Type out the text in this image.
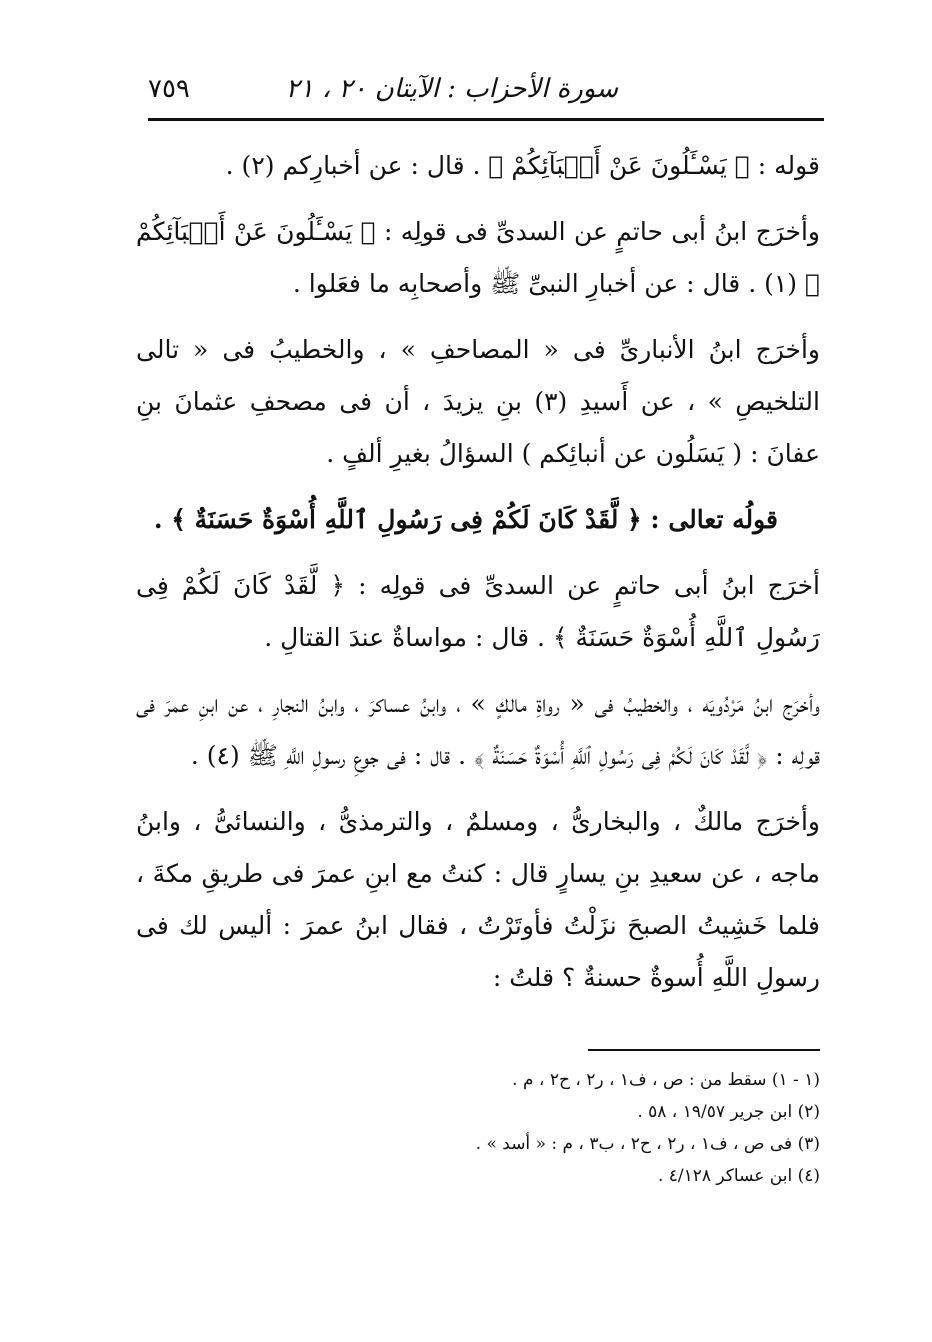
٧٥٩	سورة الأحزاب : الآيتان ٢٠ ، ٢١

قوله : ﴿ يَسْـَٔلُونَ عَنْ أَنۢبَآئِكُمْ ﴾ . قال : عن أخبارِكم (٢) .

وأخرَج ابنُ أبى حاتمٍ عن السدىِّ فى قولِه : ﴿ يَسْـَٔلُونَ عَنْ أَنۢبَآئِكُمْ ﴾ (١) . قال : عن أخبارِ النبىِّ ﷺ وأصحابِه ما فعَلوا .

وأخرَج ابنُ الأنبارىِّ فى « المصاحفِ » ، والخطيبُ فى « تالى التلخيصِ » ، عن أَسيدِ (٣) بنِ يزيدَ ، أن فى مصحفِ عثمانَ بنِ عفانَ : ( يَسَلُون عن أنبائِكم ) السؤالُ بغيرِ ألفٍ .

قولُه تعالى : ﴿ لَّقَدْ كَانَ لَكُمْ فِى رَسُولِ ٱللَّهِ أُسْوَةٌ حَسَنَةٌ ﴾ .

أخرَج ابنُ أبى حاتمٍ عن السدىِّ فى قولِه : ﴿ لَّقَدْ كَانَ لَكُمْ فِى رَسُولِ ٱللَّهِ أُسْوَةٌ حَسَنَةٌ ﴾ . قال : مواساةٌ عندَ القتالِ .

وأخرَج ابنُ مَرْدُويَه ، والخطيبُ فى « رواةِ مالكٍ » ، وابنُ عساكرَ ، وابنُ النجارِ ، عن ابنِ عمرَ فى قولِه : ﴿ لَّقَدْ كَانَ لَكُمْ فِى رَسُولِ ٱللَّهِ أُسْوَةٌ حَسَنَةٌ ﴾ . قال : فى جوعِ رسولِ اللَّهِ ﷺ (٤) .

وأخرَج مالكٌ ، والبخارىُّ ، ومسلمٌ ، والترمذىُّ ، والنسائىُّ ، وابنُ ماجه ، عن سعيدِ بنِ يسارٍ قال : كنتُ مع ابنِ عمرَ فى طريقِ مكةَ ، فلما خَشِيتُ الصبحَ نزَلْتُ فأوتَرْتُ ، فقال ابنُ عمرَ : أليس لك فى رسولِ اللَّهِ أُسوةٌ حسنةٌ ؟ قلتُ :

(١ - ١) سقط من : ص ، ف١ ، ر٢ ، ح٢ ، م .

(٢) ابن جرير ١٩/٥٧ ، ٥٨ .

(٣) فى ص ، ف١ ، ر٢ ، ح٢ ، ب٣ ، م : « أسد » .

(٤) ابن عساكر ٤/١٢٨ .
